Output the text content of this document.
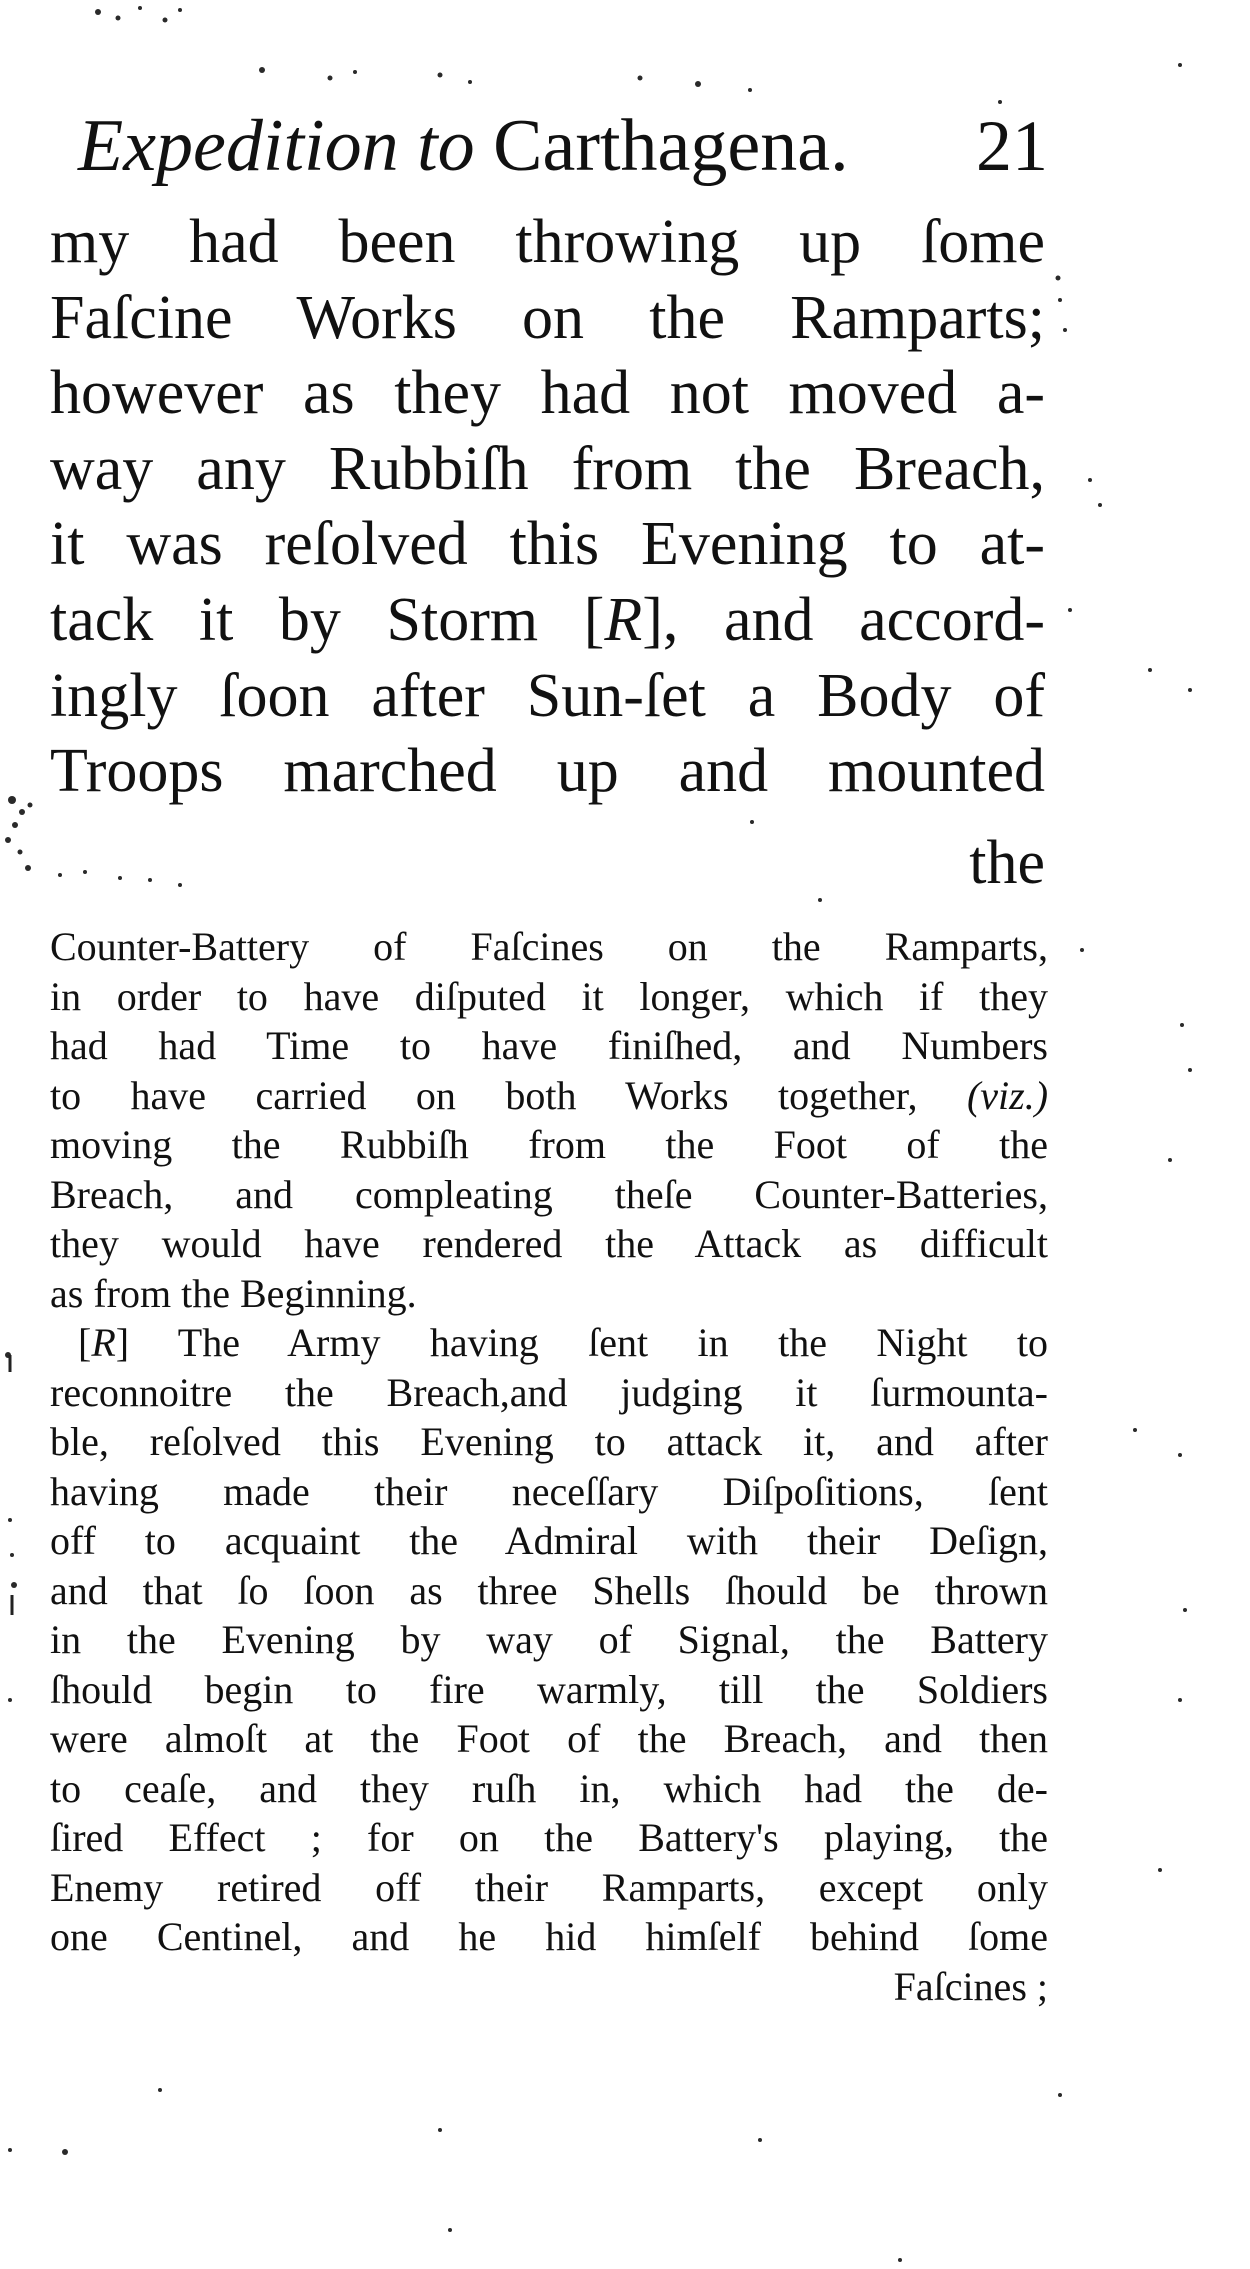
Expedition to Carthagena. 21
my had been throwing up ſome
Faſcine Works on the Ramparts;
however as they had not moved a-
way any Rubbiſh from the Breach,
it was reſolved this Evening to at-
tack it by Storm [R], and accord-
ingly ſoon after Sun-ſet a Body of
Troops marched up and mounted
the
Counter-Battery of Faſcines on the Ramparts,
in order to have diſputed it longer, which if they
had had Time to have finiſhed, and Numbers
to have carried on both Works together, (viz.)
moving the Rubbiſh from the Foot of the
Breach, and compleating theſe Counter-Batteries,
they would have rendered the Attack as difficult
as from the Beginning.
[R] The Army having ſent in the Night to
reconnoitre the Breach,and judging it ſurmounta-
ble, reſolved this Evening to attack it, and after
having made their neceſſary Diſpoſitions, ſent
off to acquaint the Admiral with their Deſign,
and that ſo ſoon as three Shells ſhould be thrown
in the Evening by way of Signal, the Battery
ſhould begin to fire warmly, till the Soldiers
were almoſt at the Foot of the Breach, and then
to ceaſe, and they ruſh in, which had the de-
ſired Effect ; for on the Battery's playing, the
Enemy retired off their Ramparts, except only
one Centinel, and he hid himſelf behind ſome
Faſcines ;
